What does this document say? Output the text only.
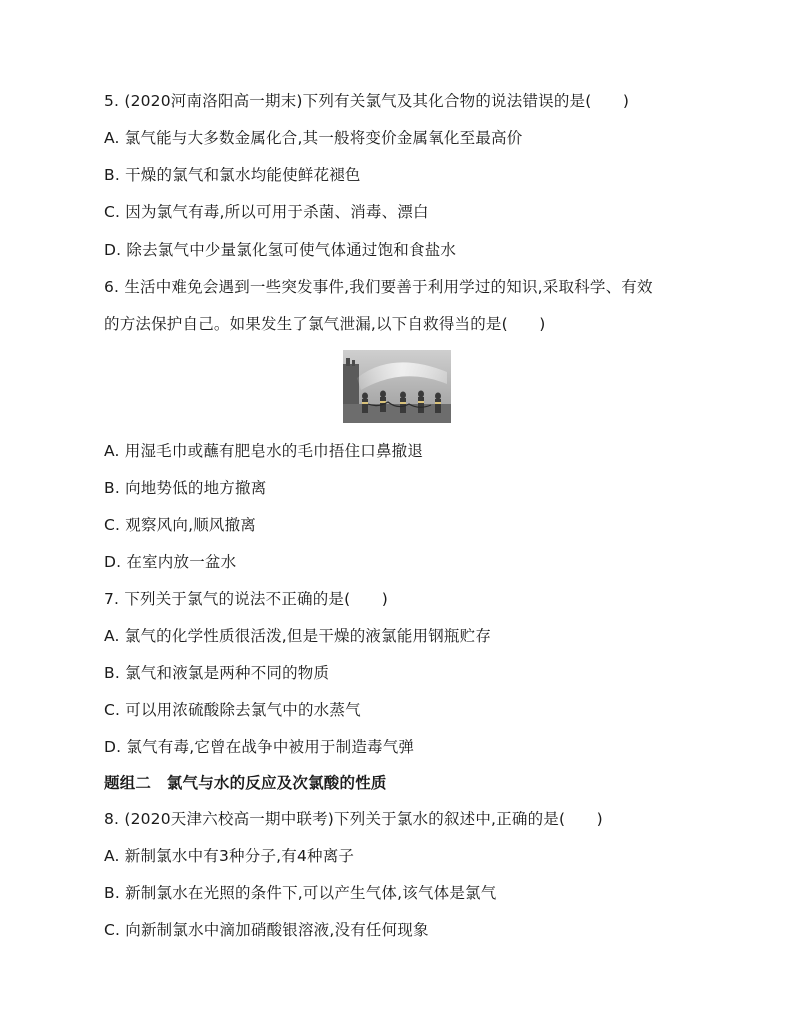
5. (2020河南洛阳高一期末)下列有关氯气及其化合物的说法错误的是(　　)
A. 氯气能与大多数金属化合,其一般将变价金属氧化至最高价
B. 干燥的氯气和氯水均能使鲜花褪色
C. 因为氯气有毒,所以可用于杀菌、消毒、漂白
D. 除去氯气中少量氯化氢可使气体通过饱和食盐水
6. 生活中难免会遇到一些突发事件,我们要善于利用学过的知识,采取科学、有效
的方法保护自己。如果发生了氯气泄漏,以下自救得当的是(　　)
A. 用湿毛巾或蘸有肥皂水的毛巾捂住口鼻撤退
B. 向地势低的地方撤离
C. 观察风向,顺风撤离
D. 在室内放一盆水
7. 下列关于氯气的说法不正确的是(　　)
A. 氯气的化学性质很活泼,但是干燥的液氯能用钢瓶贮存
B. 氯气和液氯是两种不同的物质
C. 可以用浓硫酸除去氯气中的水蒸气
D. 氯气有毒,它曾在战争中被用于制造毒气弹
题组二　氯气与水的反应及次氯酸的性质
8. (2020天津六校高一期中联考)下列关于氯水的叙述中,正确的是(　　)
A. 新制氯水中有3种分子,有4种离子
B. 新制氯水在光照的条件下,可以产生气体,该气体是氯气
C. 向新制氯水中滴加硝酸银溶液,没有任何现象
